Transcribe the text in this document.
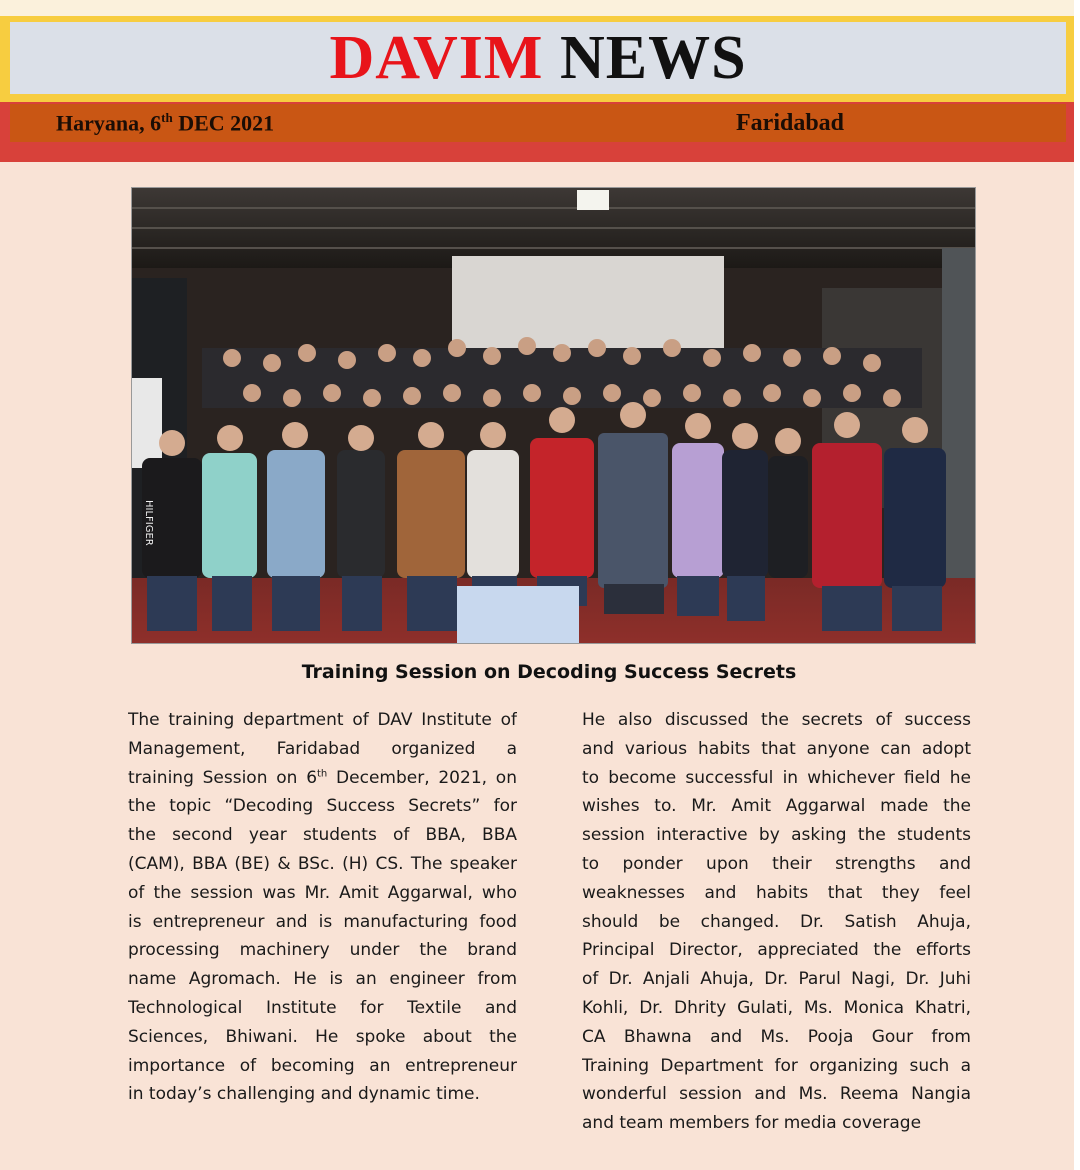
DAVIM NEWS
Haryana, 6th DEC 2021	Faridabad
HILFIGER
Training Session on Decoding Success Secrets
The training department of DAV Institute of
Management, Faridabad organized a
training Session on 6th December, 2021, on
the topic “Decoding Success Secrets” for
the second year students of BBA, BBA
(CAM), BBA (BE) & BSc. (H) CS. The speaker
of the session was Mr. Amit Aggarwal, who
is entrepreneur and is manufacturing food
processing machinery under the brand
name Agromach. He is an engineer from
Technological Institute for Textile and
Sciences, Bhiwani. He spoke about the
importance of becoming an entrepreneur
in today’s challenging and dynamic time.
He also discussed the secrets of success
and various habits that anyone can adopt
to become successful in whichever field he
wishes to. Mr. Amit Aggarwal made the
session interactive by asking the students
to ponder upon their strengths and
weaknesses and habits that they feel
should be changed. Dr. Satish Ahuja,
Principal Director, appreciated the efforts
of Dr. Anjali Ahuja, Dr. Parul Nagi, Dr. Juhi
Kohli, Dr. Dhrity Gulati, Ms. Monica Khatri,
CA Bhawna and Ms. Pooja Gour from
Training Department for organizing such a
wonderful session and Ms. Reema Nangia
and team members for media coverage
